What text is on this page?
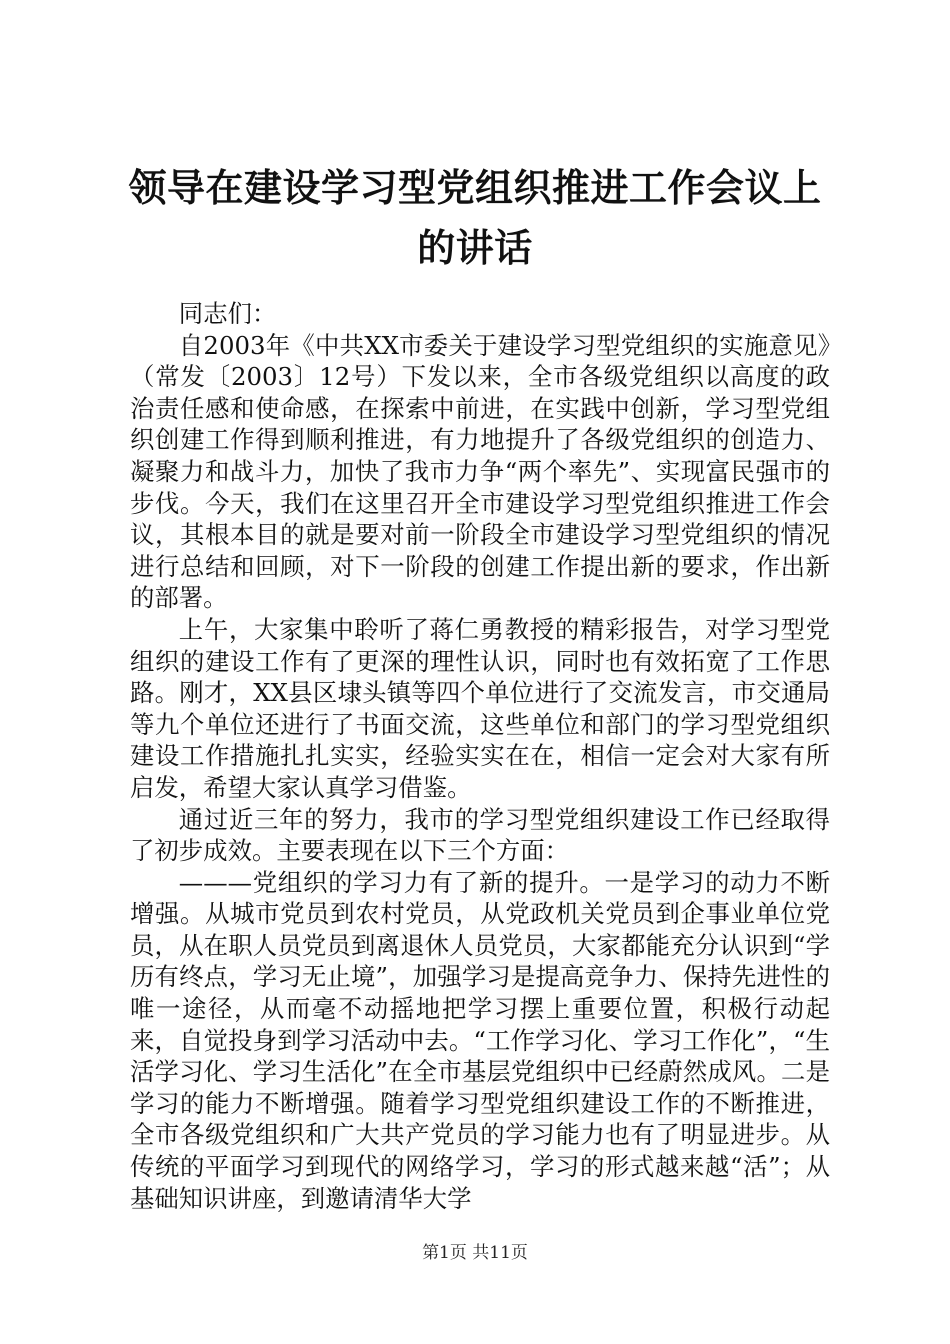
领导在建设学习型党组织推进工作会议上的讲话

同志们：

自2003年《中共XX市委关于建设学习型党组织的实施意见》（常发〔2003〕12号）下发以来，全市各级党组织以高度的政治责任感和使命感，在探索中前进，在实践中创新，学习型党组织创建工作得到顺利推进，有力地提升了各级党组织的创造力、凝聚力和战斗力，加快了我市力争“两个率先”、实现富民强市的步伐。今天，我们在这里召开全市建设学习型党组织推进工作会议，其根本目的就是要对前一阶段全市建设学习型党组织的情况进行总结和回顾，对下一阶段的创建工作提出新的要求，作出新的部署。

上午，大家集中聆听了蒋仁勇教授的精彩报告，对学习型党组织的建设工作有了更深的理性认识，同时也有效拓宽了工作思路。刚才，XX县区埭头镇等四个单位进行了交流发言，市交通局等九个单位还进行了书面交流，这些单位和部门的学习型党组织建设工作措施扎扎实实，经验实实在在，相信一定会对大家有所启发，希望大家认真学习借鉴。

通过近三年的努力，我市的学习型党组织建设工作已经取得了初步成效。主要表现在以下三个方面：

———党组织的学习力有了新的提升。一是学习的动力不断增强。从城市党员到农村党员，从党政机关党员到企事业单位党员，从在职人员党员到离退休人员党员，大家都能充分认识到“学历有终点，学习无止境”，加强学习是提高竞争力、保持先进性的唯一途径，从而毫不动摇地把学习摆上重要位置，积极行动起来，自觉投身到学习活动中去。“工作学习化、学习工作化”，“生活学习化、学习生活化”在全市基层党组织中已经蔚然成风。二是学习的能力不断增强。随着学习型党组织建设工作的不断推进，全市各级党组织和广大共产党员的学习能力也有了明显进步。从传统的平面学习到现代的网络学习，学习的形式越来越“活”；从基础知识讲座，到邀请清华大学

第1页 共11页
